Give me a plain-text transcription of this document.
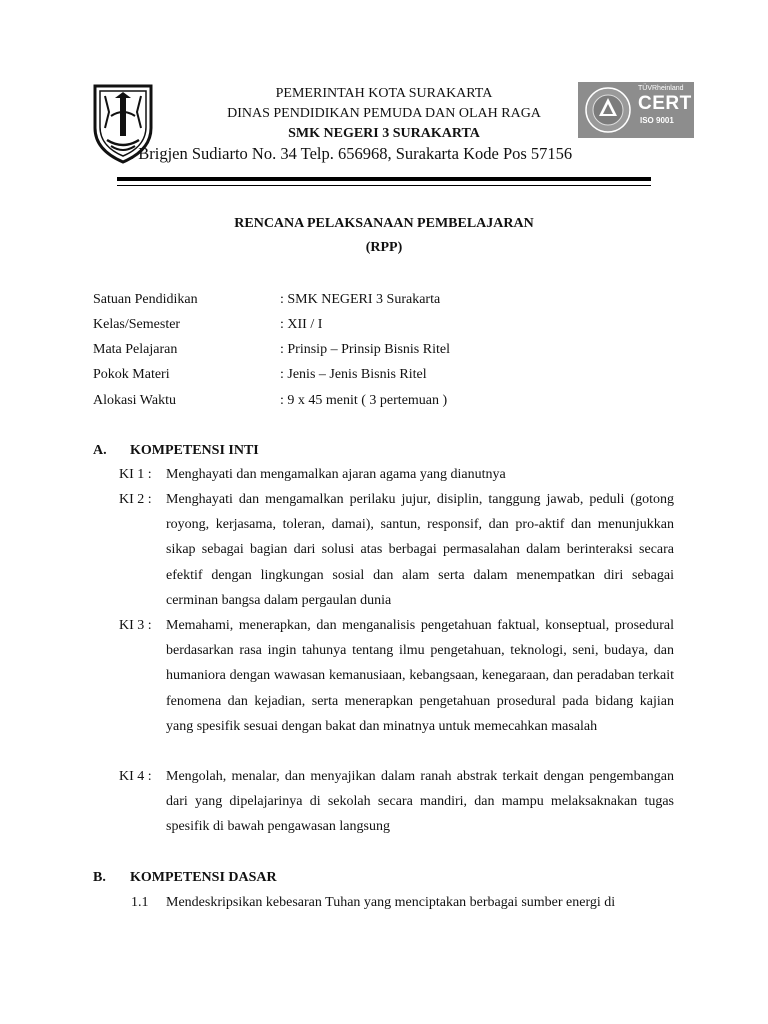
PEMERINTAH KOTA SURAKARTA
DINAS PENDIDIKAN PEMUDA DAN OLAH RAGA
SMK NEGERI 3 SURAKARTA
. Brigjen Sudiarto No. 34 Telp. 656968, Surakarta Kode Pos 57156
TÜVRheinland
CERT
ISO 9001
RENCANA PELAKSANAAN PEMBELAJARAN
(RPP)
Satuan Pendidikan	: SMK NEGERI 3 Surakarta
Kelas/Semester	: XII / I
Mata Pelajaran	: Prinsip – Prinsip Bisnis Ritel
Pokok Materi	: Jenis – Jenis Bisnis Ritel
Alokasi Waktu	: 9 x 45 menit ( 3 pertemuan )
A. KOMPETENSI INTI
KI 1 : Menghayati dan mengamalkan ajaran agama yang dianutnya
KI 2 : Menghayati dan mengamalkan perilaku jujur, disiplin, tanggung jawab, peduli (gotong royong, kerjasama, toleran, damai), santun, responsif, dan pro-aktif dan menunjukkan sikap sebagai bagian dari solusi atas berbagai permasalahan dalam berinteraksi secara efektif dengan lingkungan sosial dan alam serta dalam menempatkan diri sebagai cerminan bangsa dalam pergaulan dunia
KI 3 : Memahami, menerapkan, dan menganalisis pengetahuan faktual, konseptual, prosedural berdasarkan rasa ingin tahunya tentang ilmu pengetahuan, teknologi, seni, budaya, dan humaniora dengan wawasan kemanusiaan, kebangsaan, kenegaraan, dan peradaban terkait fenomena dan kejadian, serta menerapkan pengetahuan prosedural pada bidang kajian yang spesifik sesuai dengan bakat dan minatnya untuk memecahkan masalah
KI 4 : Mengolah, menalar, dan menyajikan dalam ranah abstrak terkait dengan pengembangan dari yang dipelajarinya di sekolah secara mandiri, dan mampu melaksaknakan tugas spesifik di bawah pengawasan langsung
B. KOMPETENSI DASAR
1.1 Mendeskripsikan kebesaran Tuhan yang menciptakan berbagai sumber energi di
